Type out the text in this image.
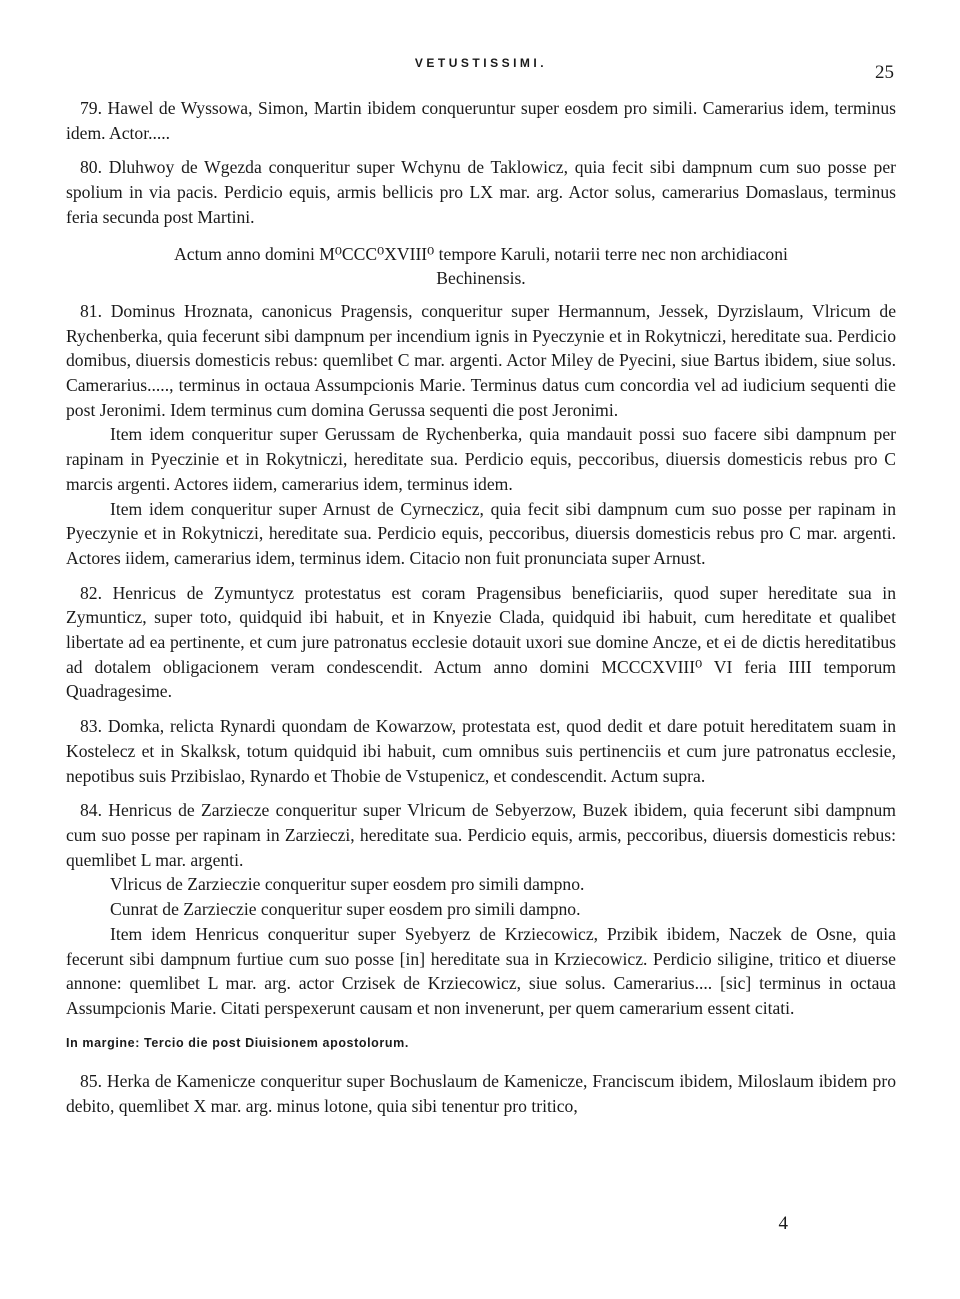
VETUSTISSIMI.	25

79. Hawel de Wyssowa, Simon, Martin ibidem conqueruntur super eosdem pro simili. Camerarius idem, terminus idem. Actor.....

80. Dluhwoy de Wgezda conqueritur super Wchynu de Taklowicz, quia fecit sibi dampnum cum suo posse per spolium in via pacis. Perdicio equis, armis bellicis pro LX mar. arg. Actor solus, camerarius Domaslaus, terminus feria secunda post Martini.

Actum anno domini M⁰CCC⁰XVIII⁰ tempore Karuli, notarii terre nec non archidiaconi Bechinensis.

81. Dominus Hroznata, canonicus Pragensis, conqueritur super Hermannum, Jessek, Dyrzislaum, Vlricum de Rychenberka, quia fecerunt sibi dampnum per incendium ignis in Pyeczynie et in Rokytniczi, hereditate sua. Perdicio domibus, diuersis domesticis rebus: quemlibet C mar. argenti. Actor Miley de Pyecini, siue Bartus ibidem, siue solus. Camerarius....., terminus in octaua Assumpcionis Marie. Terminus datus cum concordia vel ad iudicium sequenti die post Jeronimi. Idem terminus cum domina Gerussa sequenti die post Jeronimi.

Item idem conqueritur super Gerussam de Rychenberka, quia mandauit possi suo facere sibi dampnum per rapinam in Pyeczinie et in Rokytniczi, hereditate sua. Perdicio equis, peccoribus, diuersis domesticis rebus pro C marcis argenti. Actores iidem, camerarius idem, terminus idem.

Item idem conqueritur super Arnust de Cyrneczicz, quia fecit sibi dampnum cum suo posse per rapinam in Pyeczynie et in Rokytniczi, hereditate sua. Perdicio equis, peccoribus, diuersis domesticis rebus pro C mar. argenti. Actores iidem, camerarius idem, terminus idem. Citacio non fuit pronunciata super Arnust.

82. Henricus de Zymuntycz protestatus est coram Pragensibus beneficiariis, quod super hereditate sua in Zymunticz, super toto, quidquid ibi habuit, et in Knyezie Clada, quidquid ibi habuit, cum hereditate et qualibet libertate ad ea pertinente, et cum jure patronatus ecclesie dotauit uxori sue domine Ancze, et ei de dictis hereditatibus ad dotalem obligacionem veram condescendit. Actum anno domini MCCCXVIII⁰ VI feria IIII temporum Quadragesime.

83. Domka, relicta Rynardi quondam de Kowarzow, protestata est, quod dedit et dare potuit hereditatem suam in Kostelecz et in Skalksk, totum quidquid ibi habuit, cum omnibus suis pertinenciis et cum jure patronatus ecclesie, nepotibus suis Przibislao, Rynardo et Thobie de Vstupenicz, et condescendit. Actum supra.

84. Henricus de Zarziecze conqueritur super Vlricum de Sebyerzow, Buzek ibidem, quia fecerunt sibi dampnum cum suo posse per rapinam in Zarzieczi, hereditate sua. Perdicio equis, armis, peccoribus, diuersis domesticis rebus: quemlibet L mar. argenti.

Vlricus de Zarzieczie conqueritur super eosdem pro simili dampno.

Cunrat de Zarzieczie conqueritur super eosdem pro simili dampno.

Item idem Henricus conqueritur super Syebyerz de Krziecowicz, Przibik ibidem, Naczek de Osne, quia fecerunt sibi dampnum furtiue cum suo posse [in] hereditate sua in Krziecowicz. Perdicio siligine, tritico et diuerse annone: quemlibet L mar. arg. actor Crzisek de Krziecowicz, siue solus. Camerarius.... [sic] terminus in octaua Assumpcionis Marie. Citati perspexerunt causam et non invenerunt, per quem camerarium essent citati.

In margine: Tercio die post Diuisionem apostolorum.

85. Herka de Kamenicze conqueritur super Bochuslaum de Kamenicze, Franciscum ibidem, Miloslaum ibidem pro debito, quemlibet X mar. arg. minus lotone, quia sibi tenentur pro tritico,

4
